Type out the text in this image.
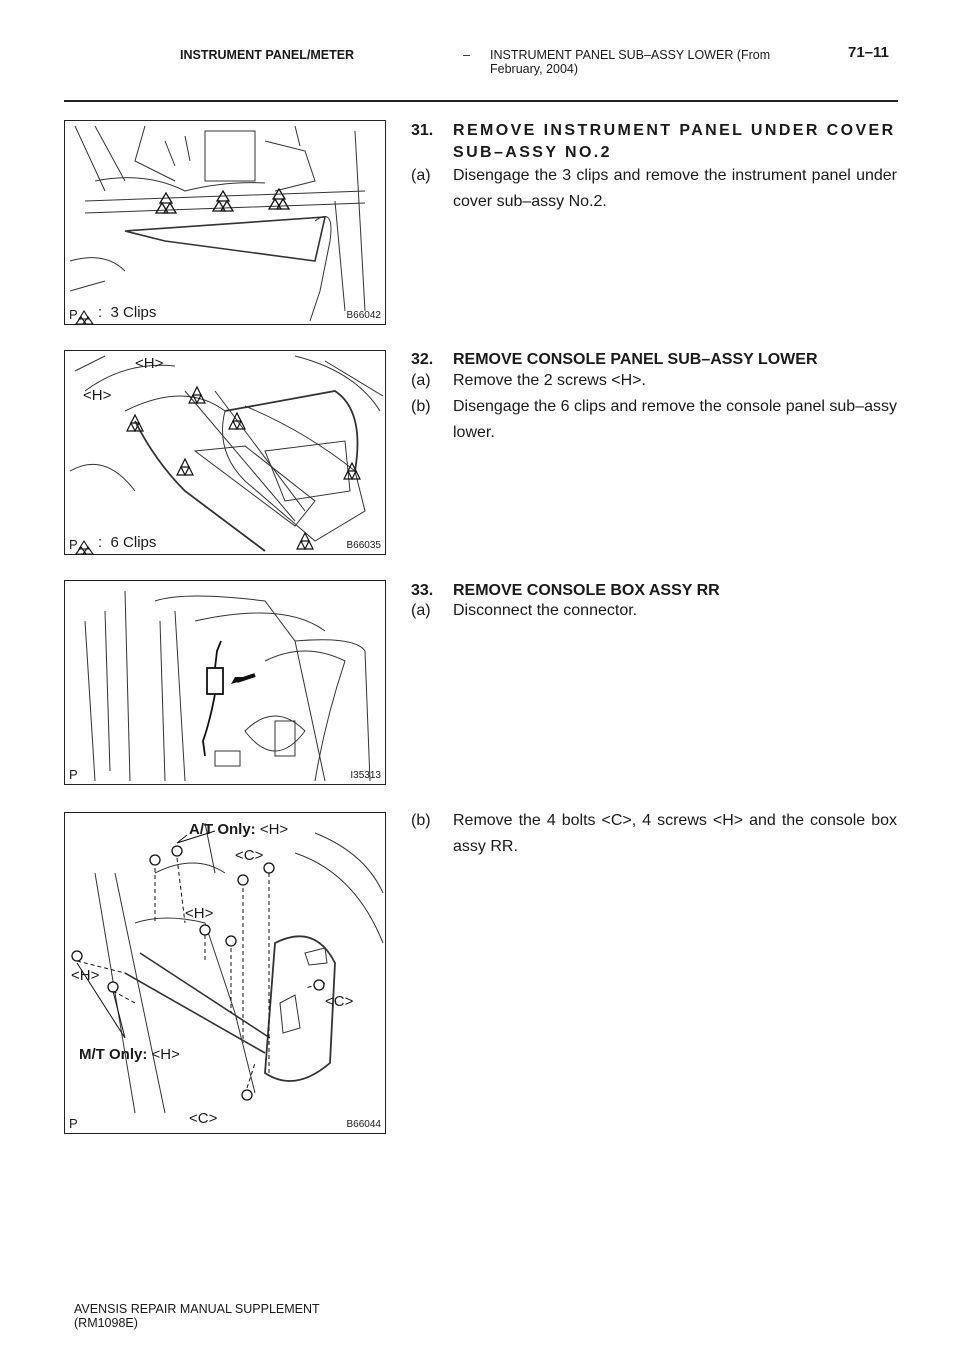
INSTRUMENT PANEL/METER	– INSTRUMENT PANEL SUB–ASSY LOWER (From February, 2004)
71–11
P : 3 Clips	B66042
<H>
<H>
P : 6 Clips	B66035
P	I35313
A/T Only: <H>
<C>
<H>
<H>
<C>
M/T Only: <H>
<C>
P	B66044
31. REMOVE INSTRUMENT PANEL UNDER COVER SUB–ASSY NO.2
(a) Disengage the 3 clips and remove the instrument panel under cover sub–assy No.2.
32. REMOVE CONSOLE PANEL SUB–ASSY LOWER
(a) Remove the 2 screws <H>.
(b) Disengage the 6 clips and remove the console panel sub–assy lower.
33. REMOVE CONSOLE BOX ASSY RR
(a) Disconnect the connector.
(b) Remove the 4 bolts <C>, 4 screws <H> and the console box assy RR.
AVENSIS REPAIR MANUAL SUPPLEMENT
(RM1098E)
